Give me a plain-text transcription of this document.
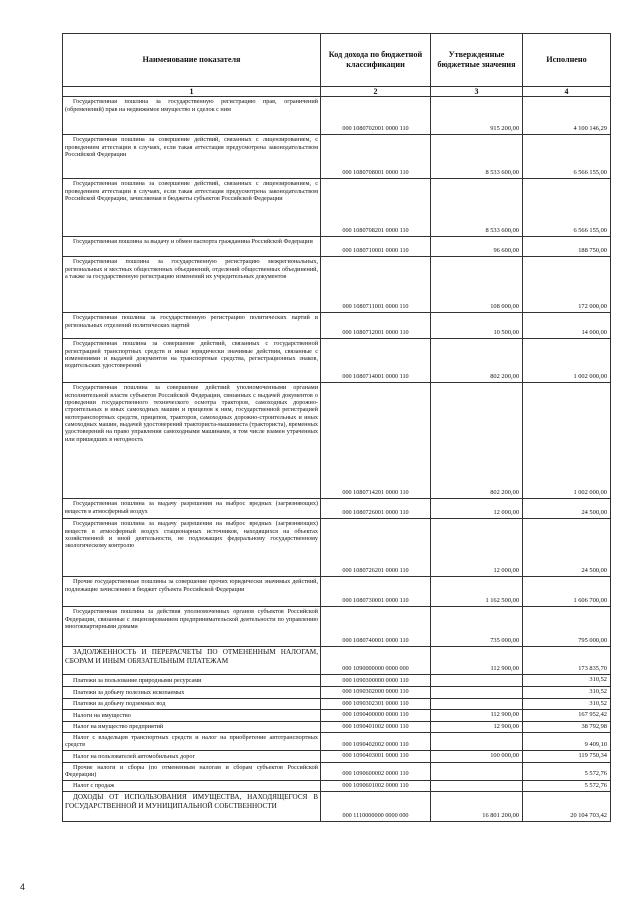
Наименование показателя	Код дохода по бюджетной классификации	Утвержденные бюджетные значения	Исполнено
1	2	3	4
Государственная пошлина за государственную регистрацию прав, ограничений (обременений) прав на недвижимое имущество и сделок с ним	000 1080702001 0000 110	915 200,00	4 100 146,29
Государственная пошлина за совершение действий, связанных с лицензированием, с проведением аттестации в случаях, если такая аттестация предусмотрена законодательством Российской Федерации	000 1080708001 0000 110	8 533 600,00	6 566 155,00
Государственная пошлина за совершение действий, связанных с лицензированием, с проведением аттестации в случаях, если такая аттестация предусмотрена законодательством Российской Федерации, зачисляемая в бюджеты субъектов Российской Федерации	000 1080708201 0000 110	8 533 600,00	6 566 155,00
Государственная пошлина за выдачу и обмен паспорта гражданина Российской Федерации	000 1080710001 0000 110	96 600,00	188 750,00
Государственная пошлина за государственную регистрацию межрегиональных, региональных и местных общественных объединений, отделений общественных объединений, а также за государственную регистрацию изменений их учредительных документов	000 1080711001 0000 110	108 000,00	172 000,00
Государственная пошлина за государственную регистрацию политических партий и региональных отделений политических партий	000 1080712001 0000 110	10 500,00	14 000,00
Государственная пошлина за совершение действий, связанных с государственной регистрацией транспортных средств и иные юридически значимые действия, связанные с изменениями и выдачей документов на транспортные средства, регистрационных знаков, водительских удостоверений	000 1080714001 0000 110	802 200,00	1 002 000,00
Государственная пошлина за совершение действий уполномоченными органами исполнительной власти субъектов Российской Федерации, связанных с выдачей документов о проведении государственного технического осмотра тракторов, самоходных дорожно-строительных и иных самоходных машин и прицепов к ним, государственной регистрацией мототранспортных средств, прицепов, тракторов, самоходных дорожно-строительных и иных самоходных машин, выдачей удостоверений тракториста-машиниста (тракториста), временных удостоверений на право управления самоходными машинами, в том числе взамен утраченных или пришедших в негодность	000 1080714201 0000 110	802 200,00	1 002 000,00
Государственная пошлина за выдачу разрешения на выброс вредных (загрязняющих) веществ в атмосферный воздух	000 1080726001 0000 110	12 000,00	24 500,00
Государственная пошлина за выдачу разрешения на выброс вредных (загрязняющих) веществ в атмосферный воздух стационарных источников, находящихся на объектах хозяйственной и иной деятельности, не подлежащих федеральному государственному экологическому контролю	000 1080726201 0000 110	12 000,00	24 500,00
Прочие государственные пошлины за совершение прочих юридически значимых действий, подлежащие зачислению в бюджет субъекта Российской Федерации	000 1080730001 0000 110	1 162 500,00	1 606 700,00
Государственная пошлина за действия уполномоченных органов субъектов Российской Федерации, связанные с лицензированием предпринимательской деятельности по управлению многоквартирными домами	000 1080740001 0000 110	735 000,00	795 000,00
ЗАДОЛЖЕННОСТЬ И ПЕРЕРАСЧЕТЫ ПО ОТМЕНЕННЫМ НАЛОГАМ, СБОРАМ И ИНЫМ ОБЯЗАТЕЛЬНЫМ ПЛАТЕЖАМ	000 1090000000 0000 000	112 900,00	173 835,70
Платежи за пользование природными ресурсами	000 1090300000 0000 110		310,52
Платежи за добычу полезных ископаемых	000 1090302000 0000 110		310,52
Платежи за добычу подземных вод	000 1090302301 0000 110		310,52
Налоги на имущество	000 1090400000 0000 110	112 900,00	167 952,42
Налог на имущество предприятий	000 1090401002 0000 110	12 900,00	38 792,98
Налог с владельцев транспортных средств и налог на приобретение автотранспортных средств	000 1090402002 0000 110		9 409,10
Налог на пользователей автомобильных дорог	000 1090403001 0000 110	100 000,00	119 750,34
Прочие налоги и сборы (по отмененным налогам и сборам субъектов Российской Федерации)	000 1090600002 0000 110		5 572,76
Налог с продаж	000 1090601002 0000 110		5 572,76
ДОХОДЫ ОТ ИСПОЛЬЗОВАНИЯ ИМУЩЕСТВА, НАХОДЯЩЕГОСЯ В ГОСУДАРСТВЕННОЙ И МУНИЦИПАЛЬНОЙ СОБСТВЕННОСТИ	000 1110000000 0000 000	16 801 200,00	20 104 703,42
4
